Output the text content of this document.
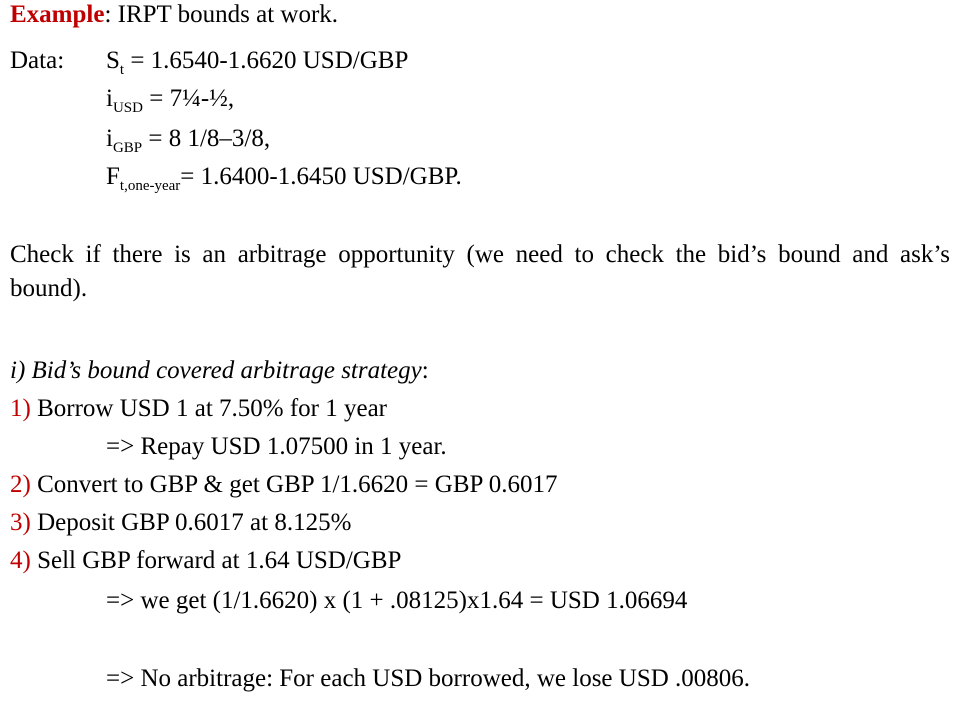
Example: IRPT bounds at work.
Data: $S_t = 1.6540-1.6620$ USD/GBP
$i_{USD}$ = 7¼-½,
$i_{GBP} = 8$ 1/8–3/8,
$F_{t,one-year}= 1.6400-1.6450$ USD/GBP.
Check if there is an arbitrage opportunity (we need to check the bid’s bound and ask’s bound).
i) Bid’s bound covered arbitrage strategy:
1) Borrow USD 1 at 7.50% for 1 year
=> Repay USD 1.07500 in 1 year.
2) Convert to GBP & get GBP 1/1.6620 = GBP 0.6017
3) Deposit GBP 0.6017 at 8.125%
4) Sell GBP forward at 1.64 USD/GBP
=> we get (1/1.6620) x (1 + .08125)x1.64 = USD 1.06694
=> No arbitrage: For each USD borrowed, we lose USD .00806.
